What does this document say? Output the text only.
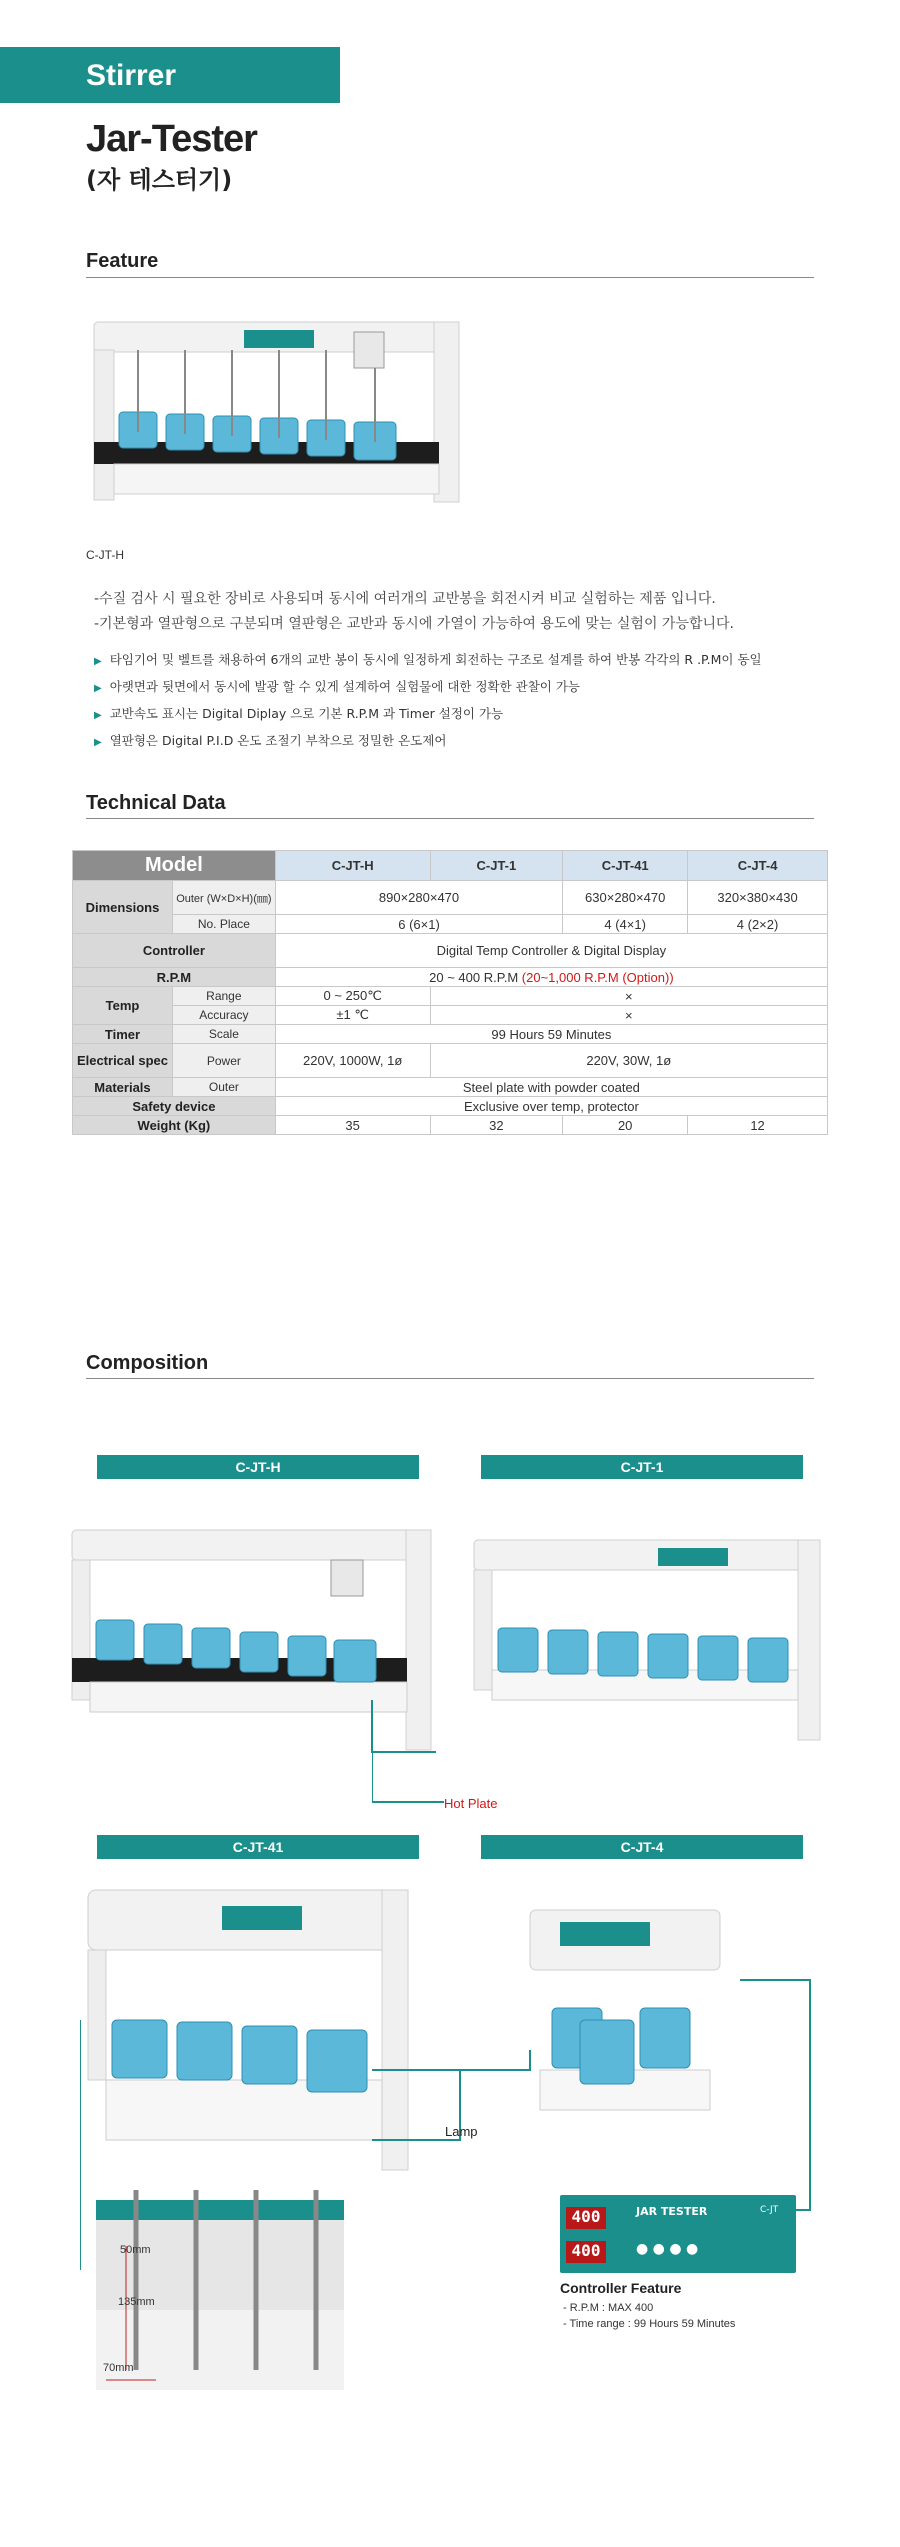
Stirrer
Jar-Tester
(자 테스터기)
Feature
C-JT-H
-수질 검사 시 필요한 장비로 사용되며 동시에 여러개의 교반봉을 회전시켜 비교 실험하는 제품 입니다.
-기본형과 열판형으로 구분되며 열판형은 교반과 동시에 가열이 가능하여 용도에 맞는 실험이 가능합니다.
▶ 타임기어 및 벨트를 채용하여 6개의 교반 봉이 동시에 일정하게 회전하는 구조로 설계를 하여 반봉 각각의 R .P.M이 동일
▶ 아랫면과 뒷면에서 동시에 발광 할 수 있게 설계하여 실험물에 대한 정확한 관찰이 가능
▶ 교반속도 표시는 Digital Diplay 으로 기본 R.P.M 과 Timer 설정이 가능
▶ 열판형은 Digital P.I.D 온도 조절기 부착으로 정밀한 온도제어
Technical Data
Model		C-JT-H	C-JT-1	C-JT-41	C-JT-4
Dimensions	Outer (W×D×H)(㎜)	890×280×470		630×280×470	320×380×430
	No. Place	6 (6×1)		4 (4×1)	4 (2×2)
Controller		Digital Temp Controller & Digital Display			
R.P.M		20 ~ 400 R.P.M (20~1,000 R.P.M (Option))			
Temp	Range	0 ~ 250℃	×		
	Accuracy	±1 ℃	×		
Timer	Scale	99 Hours 59 Minutes			
Electrical spec	Power	220V, 1000W, 1ø	220V, 30W, 1ø		
Materials	Outer	Steel plate with powder coated			
Safety device		Exclusive over temp, protector			
Weight (Kg)		35	32	20	12
Composition
C-JT-H	C-JT-1
Hot Plate
C-JT-41	C-JT-4
Lamp
50mm
135mm
70mm
400
400
JAR TESTER	C-JT
● ● ● ●
Controller Feature
- R.P.M : MAX 400
- Time range : 99 Hours 59 Minutes
